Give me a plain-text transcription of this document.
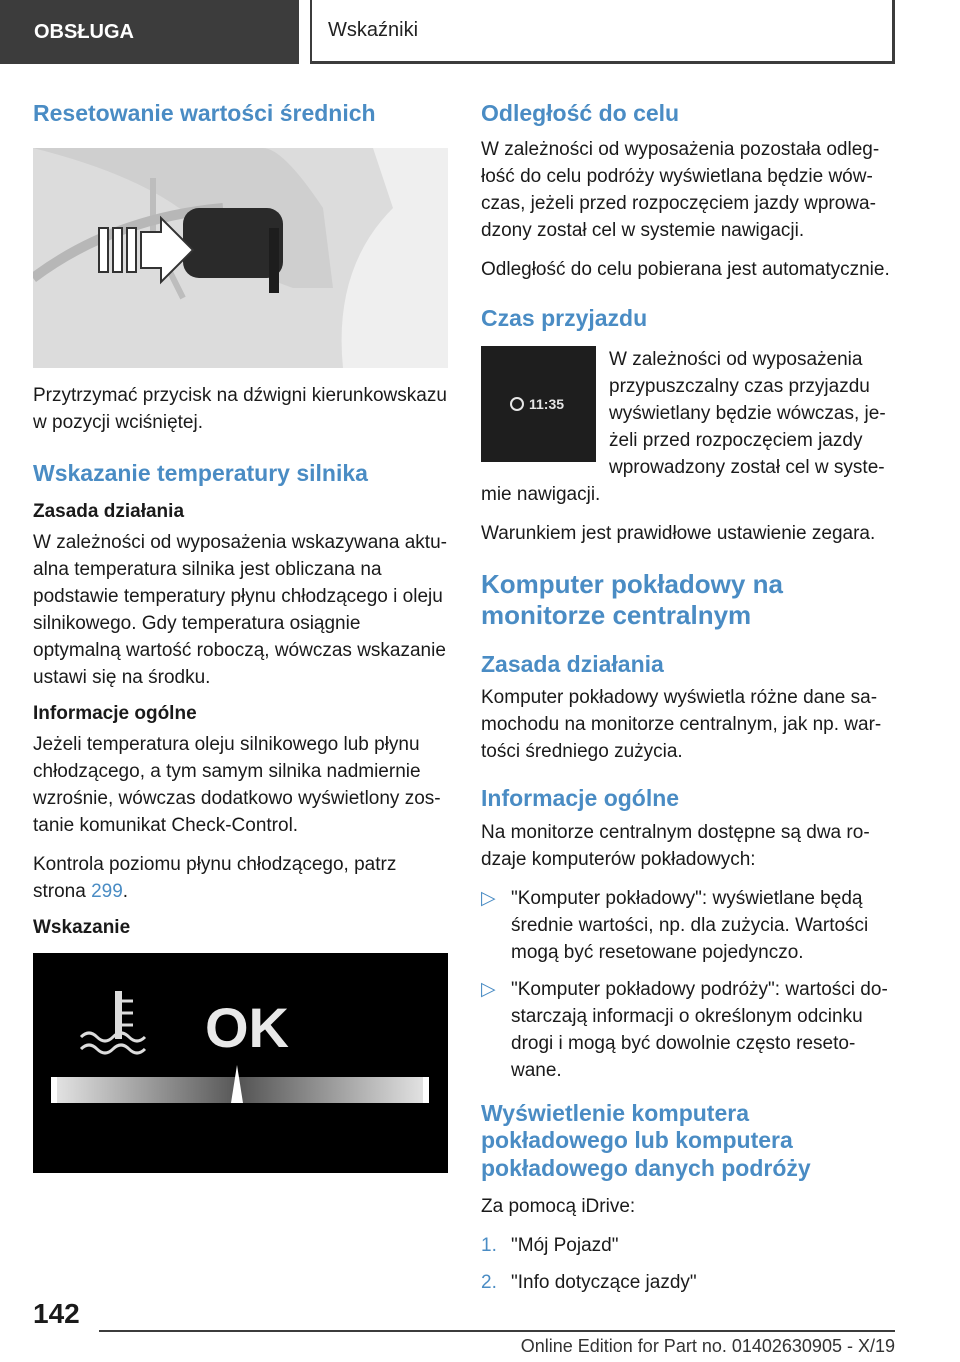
OBSŁUGA	Wskaźniki
Resetowanie wartości średnich

Przytrzymać przycisk na dźwigni kierunkowskazu w pozycji wciśniętej.

Wskazanie temperatury silnika
Zasada działania

W zależności od wyposażenia wskazywana aktualna temperatura silnika jest obliczana na podstawie temperatury płynu chłodzącego i oleju silnikowego. Gdy temperatura osiągnie optymalną wartość roboczą, wówczas wskazanie ustawi się na środku.

Informacje ogólne

Jeżeli temperatura oleju silnikowego lub płynu chłodzącego, a tym samym silnika nadmiernie wzrośnie, wówczas dodatkowo wyświetlony zostanie komunikat Check-Control.

Kontrola poziomu płynu chłodzącego, patrz strona 299.

Wskazanie
OK
Odległość do celu

W zależności od wyposażenia pozostała odległość do celu podróży wyświetlana będzie wówczas, jeżeli przed rozpoczęciem jazdy wprowadzony został cel w systemie nawigacji.

Odległość do celu pobierana jest automatycznie.

Czas przyjazdu
11:35

W zależności od wyposażenia przypuszczalny czas przyjazdu wyświetlany będzie wówczas, jeżeli przed rozpoczęciem jazdy wprowadzony został cel w systemie nawigacji.

Warunkiem jest prawidłowe ustawienie zegara.

Komputer pokładowy na monitorze centralnym
Zasada działania

Komputer pokładowy wyświetla różne dane samochodu na monitorze centralnym, jak np. wartości średniego zużycia.

Informacje ogólne

Na monitorze centralnym dostępne są dwa rodzaje komputerów pokładowych:

▷ "Komputer pokładowy": wyświetlane będą średnie wartości, np. dla zużycia. Wartości mogą być resetowane pojedynczo.
▷ "Komputer pokładowy podróży": wartości dostarczają informacji o określonym odcinku drogi i mogą być dowolnie często resetowane.
Wyświetlenie komputera pokładowego lub komputera pokładowego danych podróży

Za pomocą iDrive:

1. "Mój Pojazd"
2. "Info dotyczące jazdy"
142
Online Edition for Part no. 01402630905 - X/19
